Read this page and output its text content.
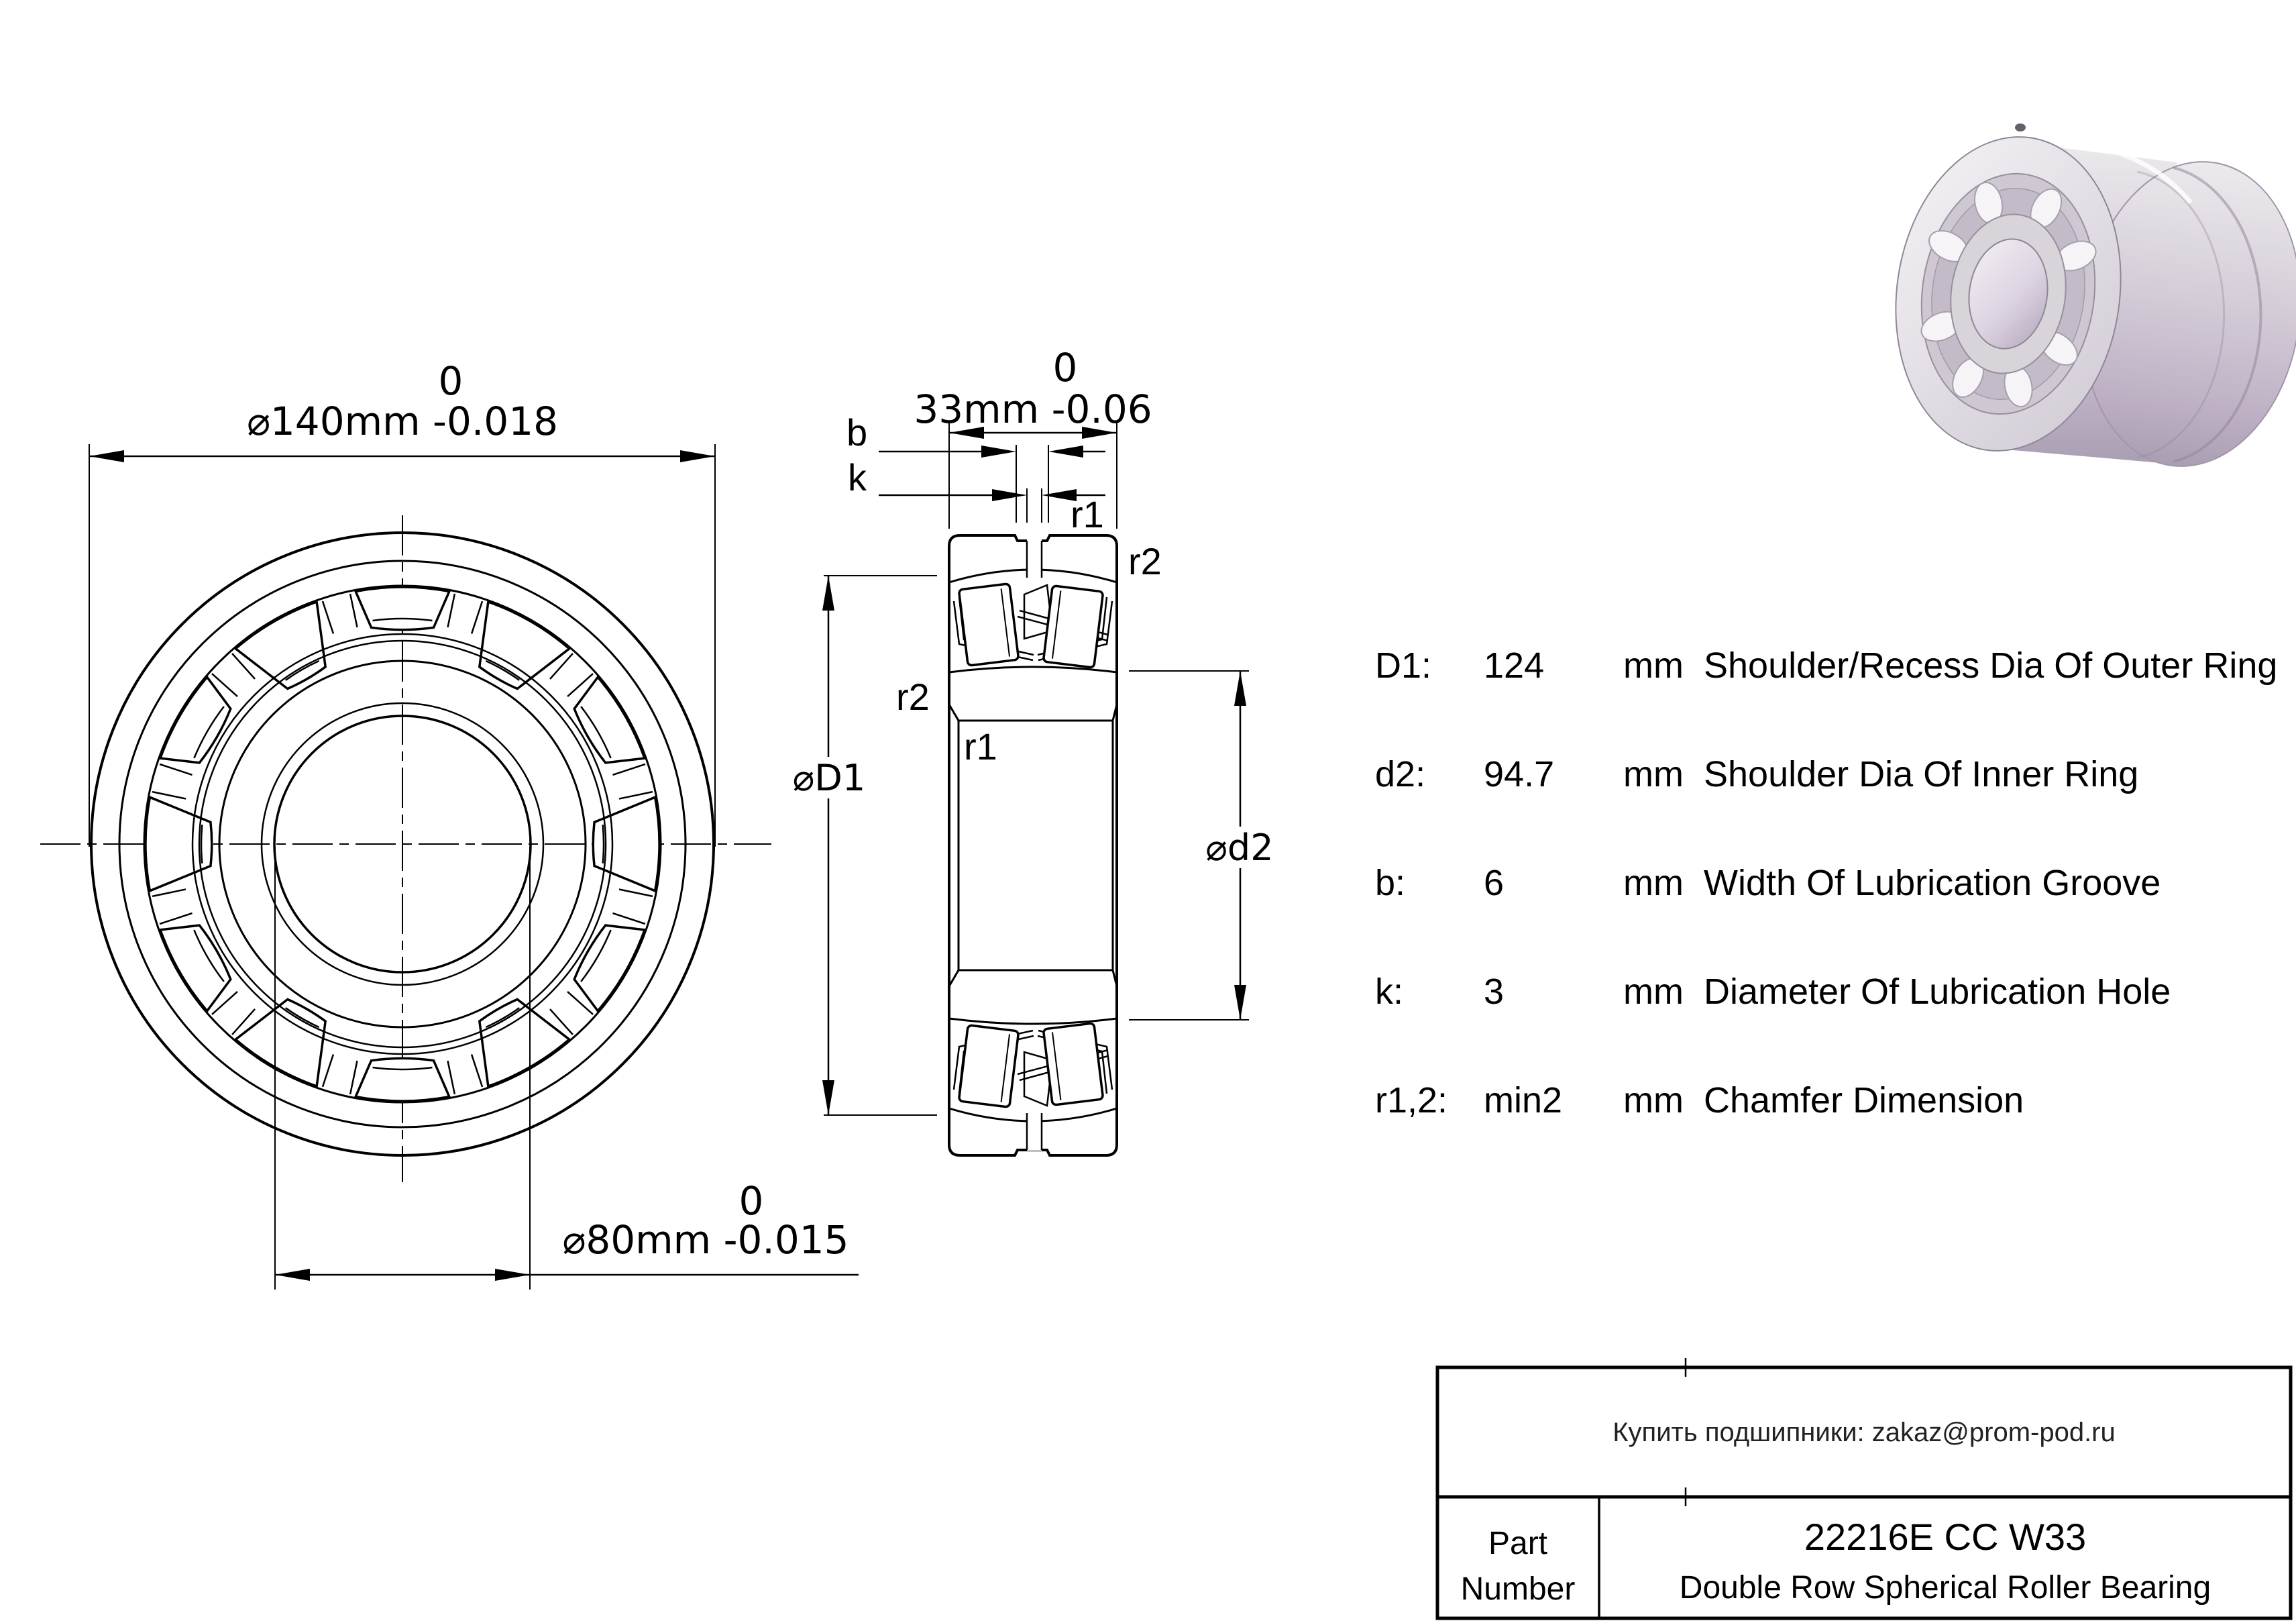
⌀140mm -0.018
0
⌀80mm -0.015
0
33mm -0.06
0
b
k
r1
r2
r2
r1
⌀D1
⌀d2
D1: 124 mm Shoulder/Recess Dia Of Outer Ring
d2: 94.7 mm Shoulder Dia Of Inner Ring
b: 6	mm Width Of Lubrication Groove
k: 3	mm Diameter Of Lubrication Hole
r1,2: min2 mm Chamfer Dimension
Купить подшипники: zakaz@prom-pod.ru
Part
Number
22216E CC W33
Double Row Spherical Roller Bearing
